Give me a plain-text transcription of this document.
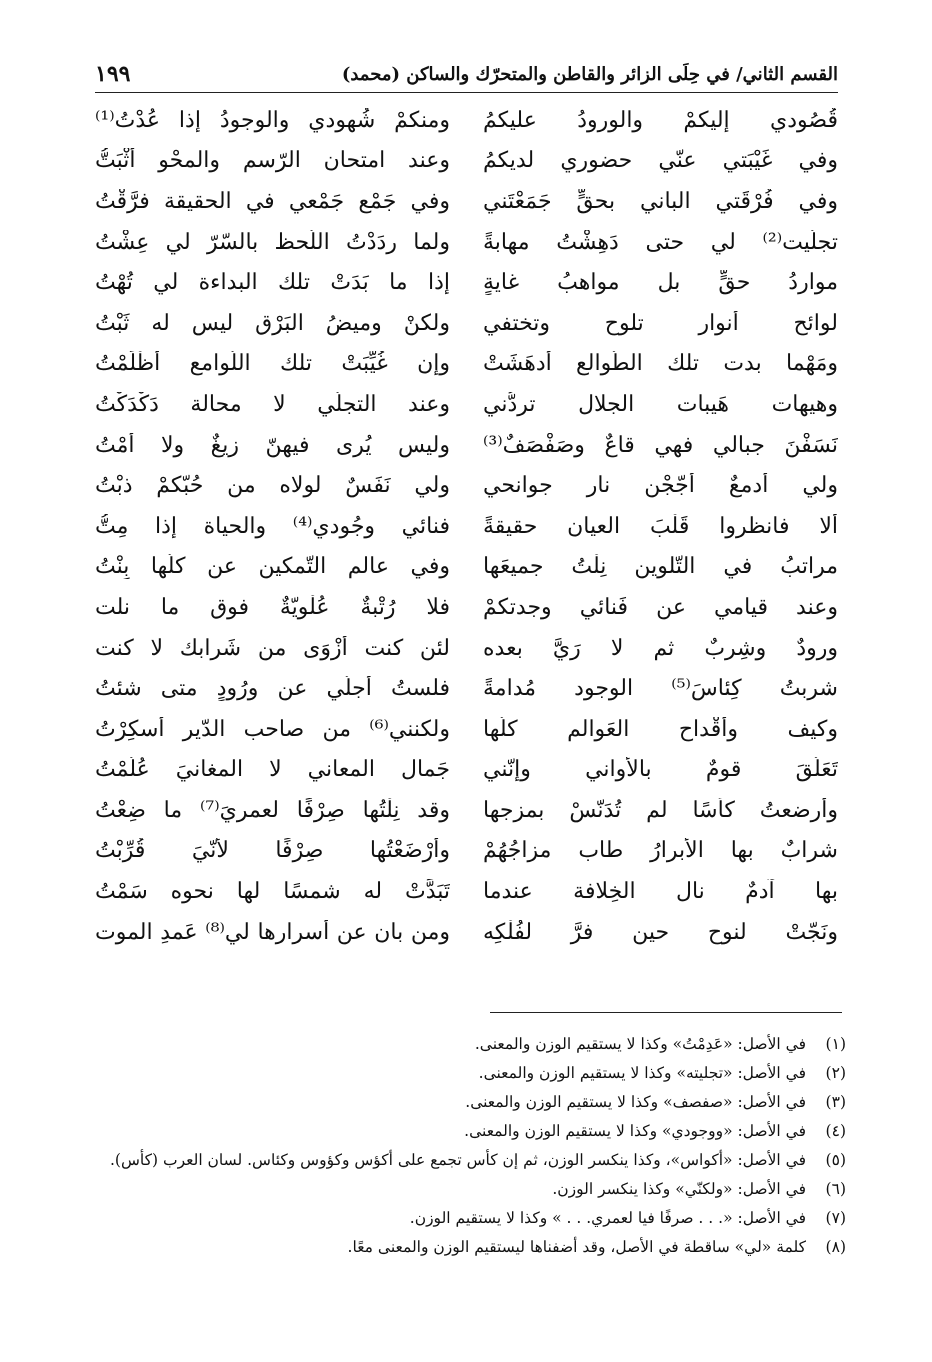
القسم الثاني/ في حِلَى الزائر والقاطن والمتحرّك والساكن (محمد)
١٩٩
قُصُودي إليكمْ والورودُ عليكمُ
ومنكمْ شُهودي والوجودُ إذا عُدْتُ⁽¹⁾
وفي غَيْبَتي عنّي حضوري لديكمُ
وعند امتحان الرّسم والمحْو أَثْبَتُّ
وفي فُرْقَتي الباني بحقٍّ جَمَعْتَني
وفي جَمْع جَمْعي في الحقيقة فرَّقْتُ
تجلّيت⁽²⁾ لي حتى دَهِشْتُ مهابةً
ولما ردَدْتُ اللّحظ بالسّرّ لي عِشْتُ
مواردُ حقٍّ بل مواهبُ غايةٍ
إذا ما بَدَتْ تلك البداءة لي تُهْتُ
لوائح أنوار تلوح وتختفي
ولكنْ وميضُ البَرْق ليس له ثَبْتُ
ومَهْما بدت تلك الطّوالع أدهَشَتْ
وإن غُيِّبَتْ تلك اللّوامع أظْلَمْتُ
وهيهات هَيبات الجلال تردُّني
وعند التجلّي لا محالة دَكْدَكْتُ
نَسَفْنَ جبالي فهي قاعٌ وصَفْصَفٌ⁽³⁾
وليس يُرى فيهنّ زيغٌ ولا أمْتُ
ولي أدمعٌ أجّجْن نار جوانحي
ولي نَفَسٌ لولاه من حُبّكمْ ذبْتُ
ألا فانظروا قَلْبَ العيان حقيقةً
فنائي وجُودي⁽⁴⁾ والحياة إذا مِتُّ
مراتبُ في التّلوين نِلْتُ جميعَها
وفي عالم التّمكين عن كلّها بِنْتُ
وعند قيامي عن فَنائي وجدتكمْ
فلا رُتْبةٌ عُلْويّةٌ فوق ما نلت
ورودٌ وشِربٌ ثم لا رَيَّ بعده
لئن كنت أزْوَى من شَرابك لا كنت
شربتُ كِئاسَ⁽⁵⁾ الوجود مُدامةً
فلستُ أُجلّي عن ورُودٍ متى شئتُ
وكيف وأقْداح العَوالم كلُّها
ولكنني⁽⁶⁾ من صاحب الدّير أُسكِرْتُ
تَعَلّقَ قومٌ بالأواني وإنّني
جَمال المعاني لا المغانيَ عُلّمْتُ
وأرضعتُ كأسًا لم تُدَنّسْ بمزجها
وقد نِلْتُها صِرْفًا لعمريَ⁽⁷⁾ ما ضِعْتُ
شرابٌ بها الأبرارُ طاب مزاجُهُمْ
وأرْضَعْتُها صِرْفًا لأنّيَ قُرِّبْتُ
بها آدمٌ نال الخِلافة عندما
تَبَدَّتْ له شمسًا لها نحوه سَمْتُ
ونَجّتْ لنوحٍ حين فرَّ لفُلْكِه
ومن بان عن أسرارها لي⁽⁸⁾ عَمدِ الموت
(١)
في الأصل: «عَدِمْتُ» وكذا لا يستقيم الوزن والمعنى.
(٢)
في الأصل: «تجليته» وكذا لا يستقيم الوزن والمعنى.
(٣)
في الأصل: «صفصف» وكذا لا يستقيم الوزن والمعنى.
(٤)
في الأصل: «ووجودي» وكذا لا يستقيم الوزن والمعنى.
(٥)
في الأصل: «أكواس»، وكذا ينكسر الوزن، ثم إن كأس تجمع على أكؤس وكؤوس وكئاس. لسان العرب (كأس).
(٦)
في الأصل: «ولكنّي» وكذا ينكسر الوزن.
(٧)
في الأصل: «. . . صرفًا فيا لعمري. . . » وكذا لا يستقيم الوزن.
(٨)
كلمة «لي» ساقطة في الأصل، وقد أضفناها ليستقيم الوزن والمعنى معًا.
